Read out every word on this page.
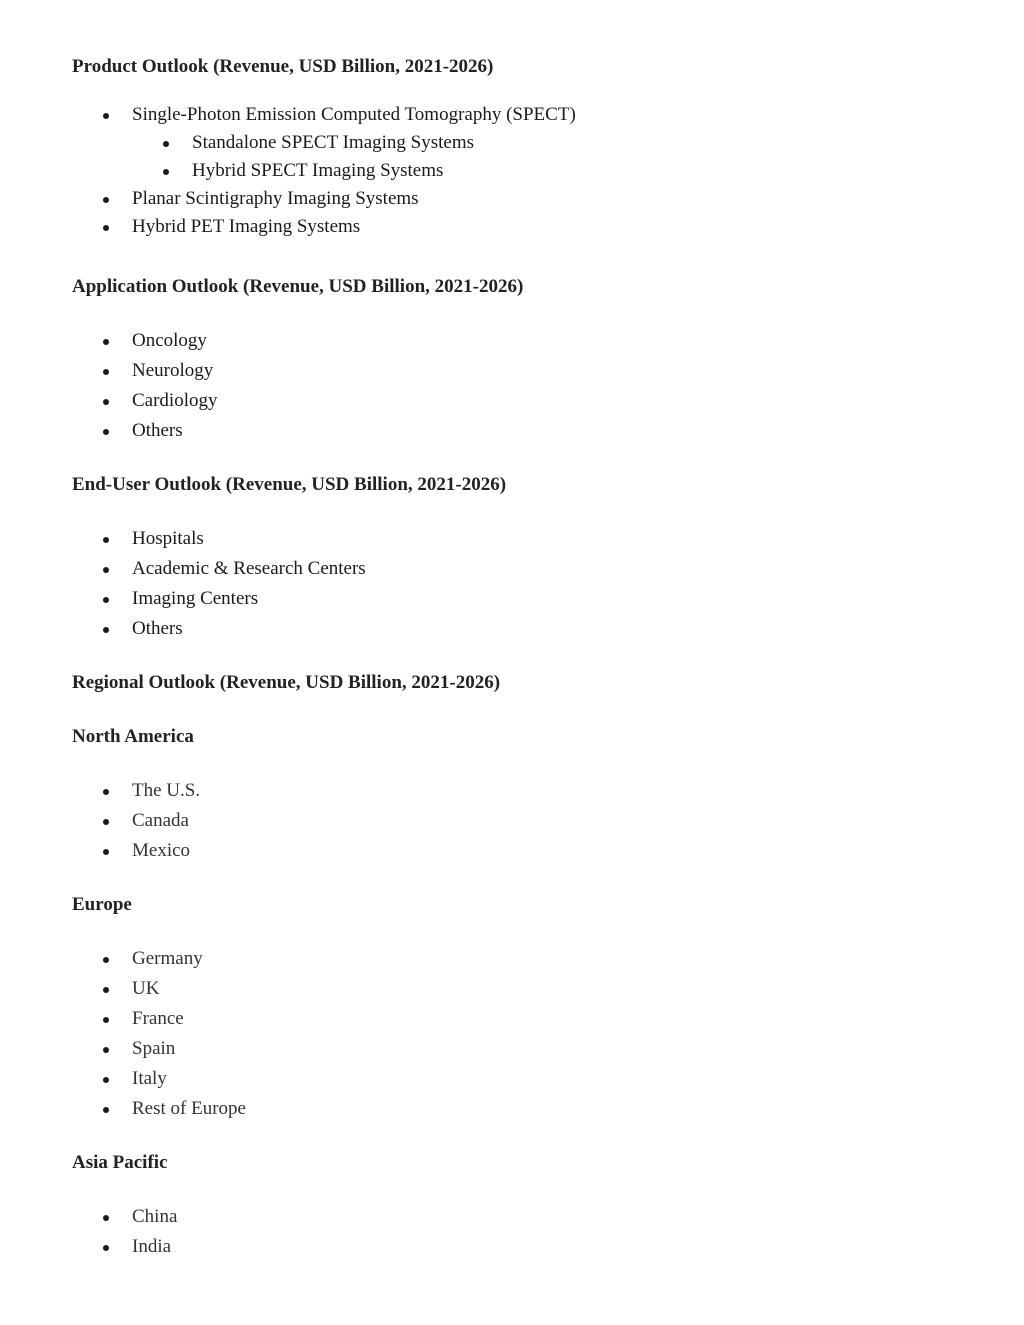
Product Outlook (Revenue, USD Billion, 2021-2026)
Single-Photon Emission Computed Tomography (SPECT)
Standalone SPECT Imaging Systems
Hybrid SPECT Imaging Systems
Planar Scintigraphy Imaging Systems
Hybrid PET Imaging Systems
Application Outlook (Revenue, USD Billion, 2021-2026)
Oncology
Neurology
Cardiology
Others
End-User Outlook (Revenue, USD Billion, 2021-2026)
Hospitals
Academic & Research Centers
Imaging Centers
Others
Regional Outlook (Revenue, USD Billion, 2021-2026)
North America
The U.S.
Canada
Mexico
Europe
Germany
UK
France
Spain
Italy
Rest of Europe
Asia Pacific
China
India
